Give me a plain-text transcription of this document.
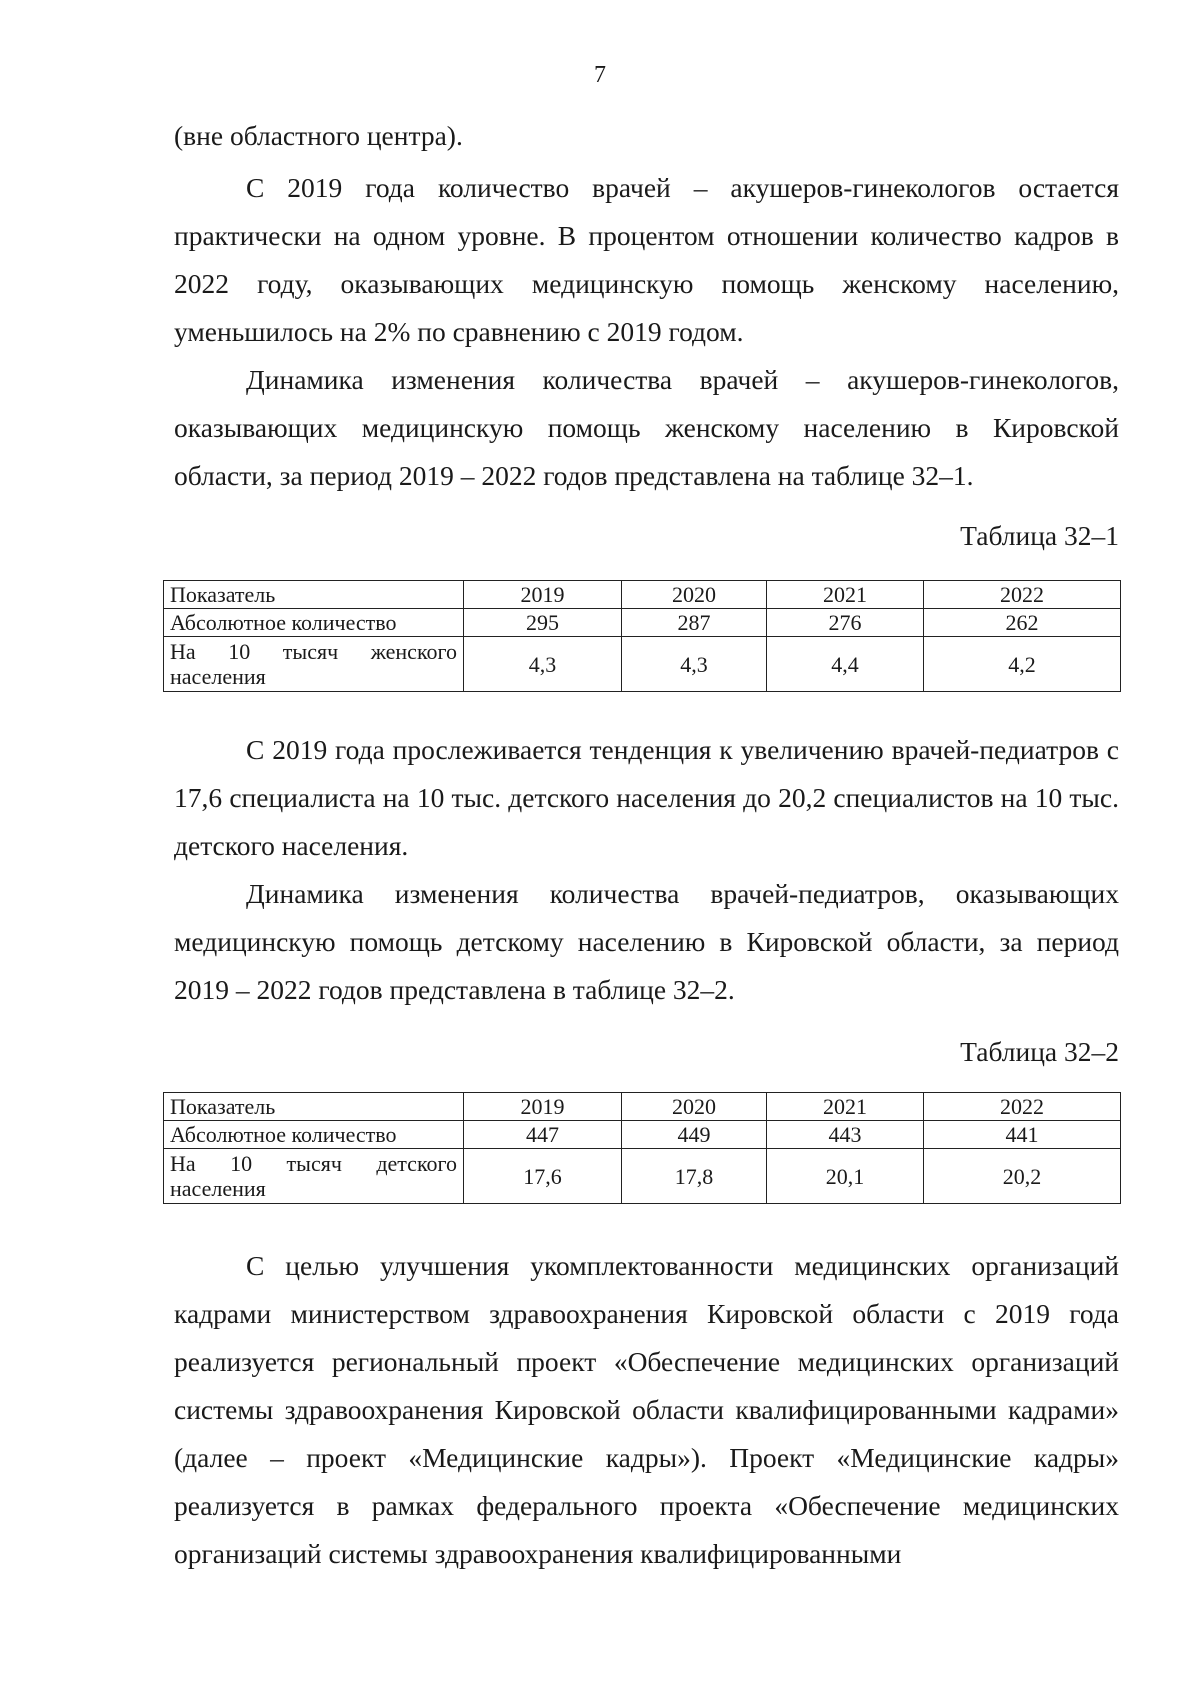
7

(вне областного центра).

С 2019 года количество врачей – акушеров-гинекологов остается практически на одном уровне. В процентом отношении количество кадров в 2022 году, оказывающих медицинскую помощь женскому населению, уменьшилось на 2% по сравнению с 2019 годом.

Динамика изменения количества врачей – акушеров-гинекологов, оказывающих медицинскую помощь женскому населению в Кировской области, за период 2019 – 2022 годов представлена на таблице 32–1.

Таблица 32–1
Показатель	2019	2020	2021	2022
Абсолютное количество	295	287	276	262
На 10 тысяч женского населения	4,3	4,3	4,4	4,2

С 2019 года прослеживается тенденция к увеличению врачей-педиатров с 17,6 специалиста на 10 тыс. детского населения до 20,2 специалистов на 10 тыс. детского населения.

Динамика изменения количества врачей-педиатров, оказывающих медицинскую помощь детскому населению в Кировской области, за период 2019 – 2022 годов представлена в таблице 32–2.

Таблица 32–2
Показатель	2019	2020	2021	2022
Абсолютное количество	447	449	443	441
На 10 тысяч детского населения	17,6	17,8	20,1	20,2

С целью улучшения укомплектованности медицинских организаций кадрами министерством здравоохранения Кировской области с 2019 года реализуется региональный проект «Обеспечение медицинских организаций системы здравоохранения Кировской области квалифицированными кадрами» (далее – проект «Медицинские кадры»). Проект «Медицинские кадры» реализуется в рамках федерального проекта «Обеспечение медицинских организаций системы здравоохранения квалифицированными
